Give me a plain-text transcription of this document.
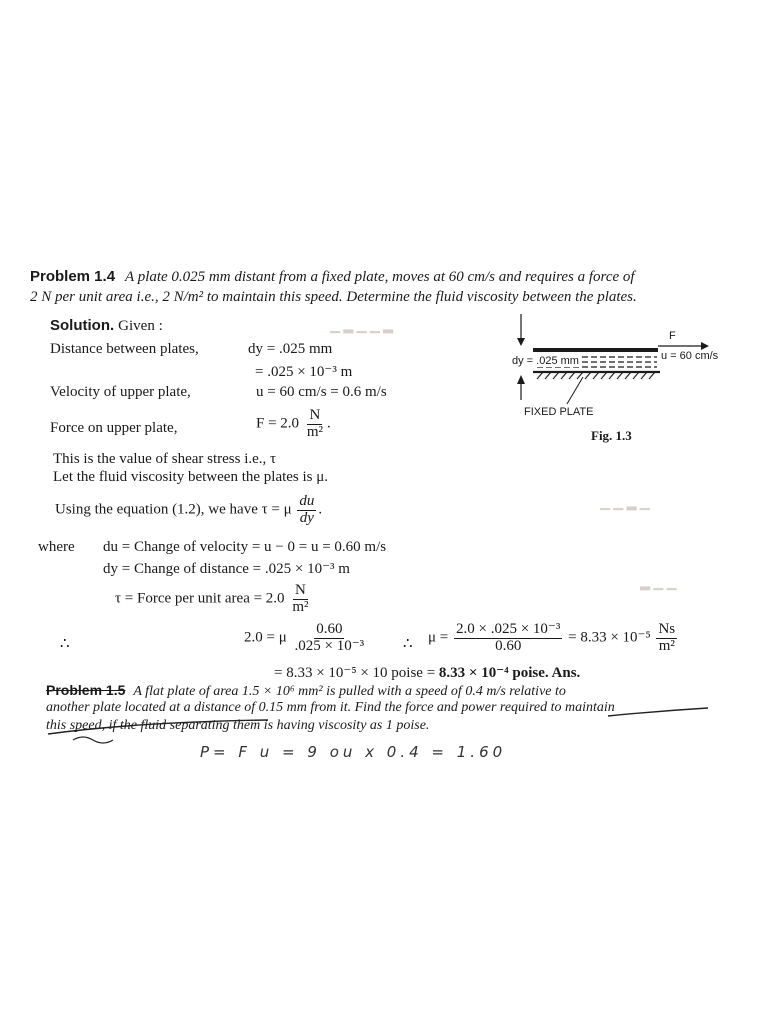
▁ ▂ ▁ ▁ ▂
▁ ▁ ▂ ▁
▂ ▁ ▁
Problem 1.4 A plate 0.025 mm distant from a fixed plate, moves at 60 cm/s and requires a force of
2 N per unit area i.e., 2 N/m² to maintain this speed. Determine the fluid viscosity between the plates.
Solution. Given :
Distance between plates,	dy = .025 mm
= .025 × 10⁻³ m
Velocity of upper plate,	u = 60 cm/s = 0.6 m/s
Force on upper plate,	$F = 2.0 \frac{N}{\text{m²}}$ .
This is the value of shear stress i.e., τ
Let the fluid viscosity between the plates is μ.
Using the equation (1.2), we have τ = μ $\frac{du}{dy}$ .
where du = Change of velocity = u − 0 = u = 0.60 m/s
dy = Change of distance = .025 × 10⁻³ m
τ = Force per unit area = $2.0 \frac{N}{\text{m²}}$
∴	2.0 = μ $\frac{0.60}{\text{.025 × 10⁻³}}$ ∴ $\mu = \frac{\text{2.0 × .025 × 10⁻³}}{0.60} = 8.33 \times 10^{-5} \frac{Ns}{\text{m²}}$
= 8.33 × 10⁻⁵ × 10 poise = 8.33 × 10⁻⁴ poise. Ans.
F
u = 60 cm/s
dy = .025 mm
FIXED PLATE
Fig. 1.3
Problem 1.5 A flat plate of area 1.5 × 10⁶ mm² is pulled with a speed of 0.4 m/s relative to
another plate located at a distance of 0.15 mm from it. Find the force and power required to maintain
this speed, if the fluid separating them is having viscosity as 1 poise.
P= F u = 9 ou x 0.4 = 1.60
